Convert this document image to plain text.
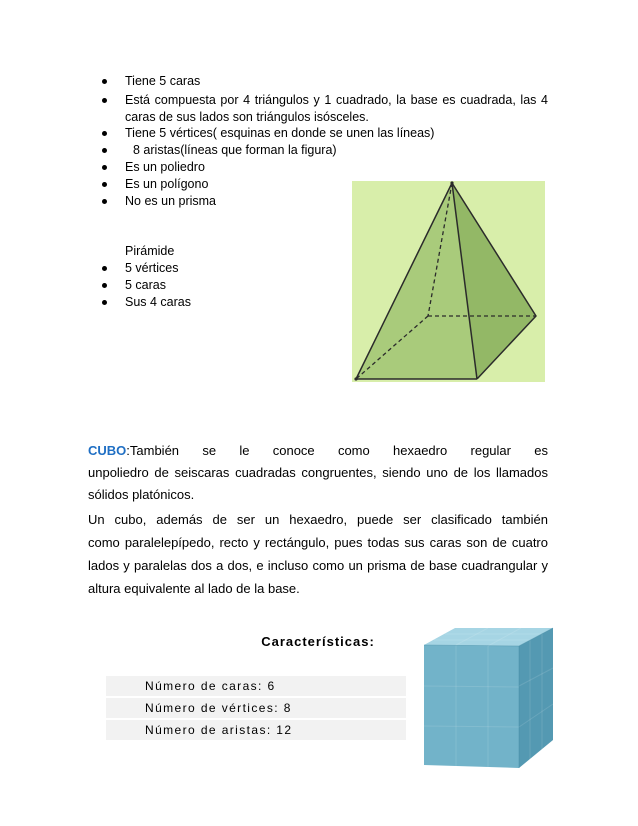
Tiene 5 caras
Está compuesta por 4 triángulos y 1 cuadrado, la base es cuadrada, las 4
caras de sus lados son triángulos isósceles.
Tiene 5 vértices( esquinas en donde se unen las líneas)
8 aristas(líneas que forman la figura)
Es un poliedro
Es un polígono
No es un prisma
Pirámide
5 vértices
5 caras
Sus 4 caras
CUBO:También se le conoce como hexaedro regular es
unpoliedro de seiscaras cuadradas congruentes, siendo uno de los llamados
sólidos platónicos.
Un cubo, además de ser un hexaedro, puede ser clasificado también
como paralelepípedo, recto y rectángulo, pues todas sus caras son de cuatro
lados y paralelas dos a dos, e incluso como un prisma de base cuadrangular y
altura equivalente al lado de la base.
Características:
Número de caras: 6
Número de vértices: 8
Número de aristas: 12
